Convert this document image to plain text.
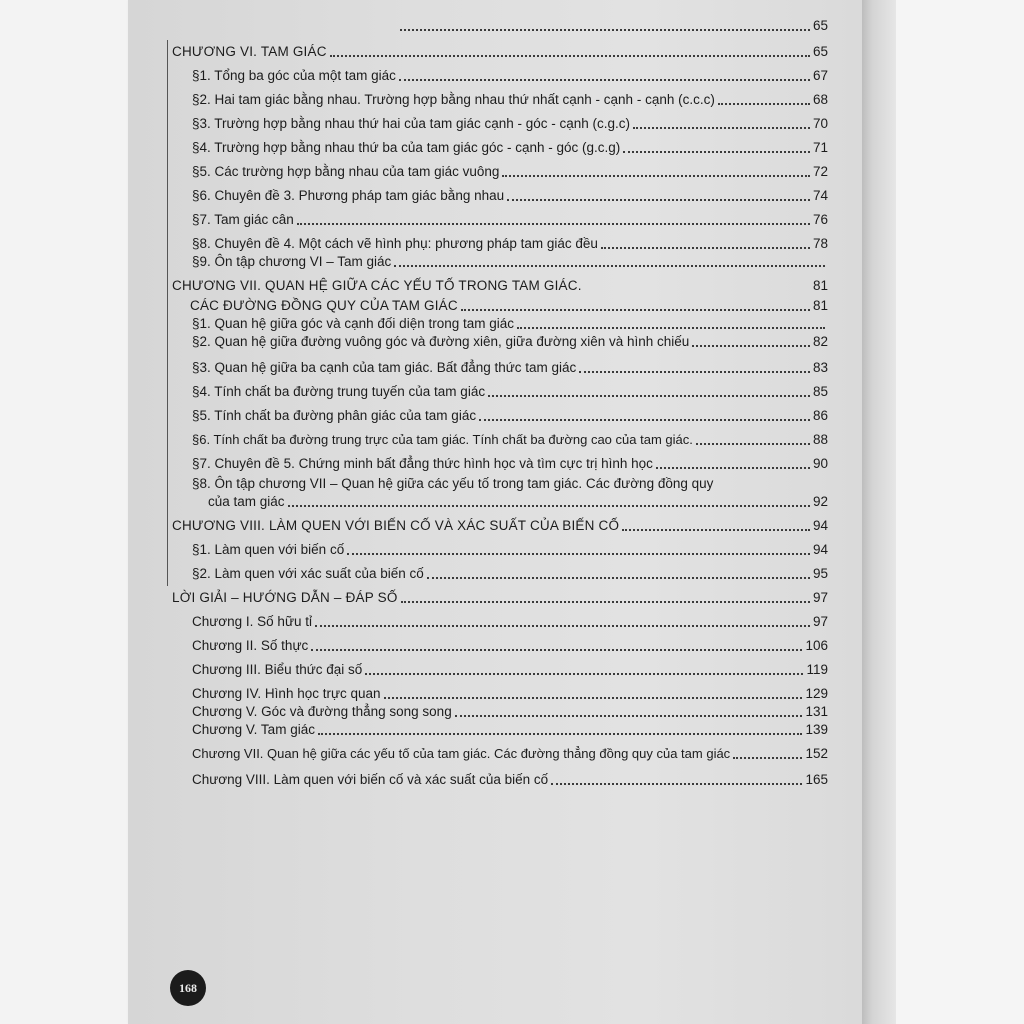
65
CHƯƠNG VI. TAM GIÁC	65
§1. Tổng ba góc của một tam giác	67
§2. Hai tam giác bằng nhau. Trường hợp bằng nhau thứ nhất cạnh - cạnh - cạnh (c.c.c)	68
§3. Trường hợp bằng nhau thứ hai của tam giác cạnh - góc - cạnh (c.g.c)	70
§4. Trường hợp bằng nhau thứ ba của tam giác góc - cạnh - góc (g.c.g)	71
§5. Các trường hợp bằng nhau của tam giác vuông	72
§6. Chuyên đề 3. Phương pháp tam giác bằng nhau	74
§7. Tam giác cân	76
§8. Chuyên đề 4. Một cách vẽ hình phụ: phương pháp tam giác đều	78
§9. Ôn tập chương VI – Tam giác
CHƯƠNG VII. QUAN HỆ GIỮA CÁC YẾU TỐ TRONG TAM GIÁC.	81
CÁC ĐƯỜNG ĐỒNG QUY CỦA TAM GIÁC	81
§1. Quan hệ giữa góc và cạnh đối diện trong tam giác
§2. Quan hệ giữa đường vuông góc và đường xiên, giữa đường xiên và hình chiếu	82
§3. Quan hệ giữa ba cạnh của tam giác. Bất đẳng thức tam giác	83
§4. Tính chất ba đường trung tuyến của tam giác	85
§5. Tính chất ba đường phân giác của tam giác	86
§6. Tính chất ba đường trung trực của tam giác. Tính chất ba đường cao của tam giác.	88
§7. Chuyên đề 5. Chứng minh bất đẳng thức hình học và tìm cực trị hình học	90
§8. Ôn tập chương VII – Quan hệ giữa các yếu tố trong tam giác. Các đường đồng quy
của tam giác	92
CHƯƠNG VIII. LÀM QUEN VỚI BIẾN CỐ VÀ XÁC SUẤT CỦA BIẾN CỐ	94
§1. Làm quen với biến cố	94
§2. Làm quen với xác suất của biến cố	95
LỜI GIẢI – HƯỚNG DẪN – ĐÁP SỐ	97
Chương I. Số hữu tỉ	97
Chương II. Số thực	106
Chương III. Biểu thức đại số	119
Chương IV. Hình học trực quan	129
Chương V. Góc và đường thẳng song song	131
Chương V. Tam giác	139
Chương VII. Quan hệ giữa các yếu tố của tam giác. Các đường thẳng đồng quy của tam giác	152
Chương VIII. Làm quen với biến cố và xác suất của biến cố	165
168
